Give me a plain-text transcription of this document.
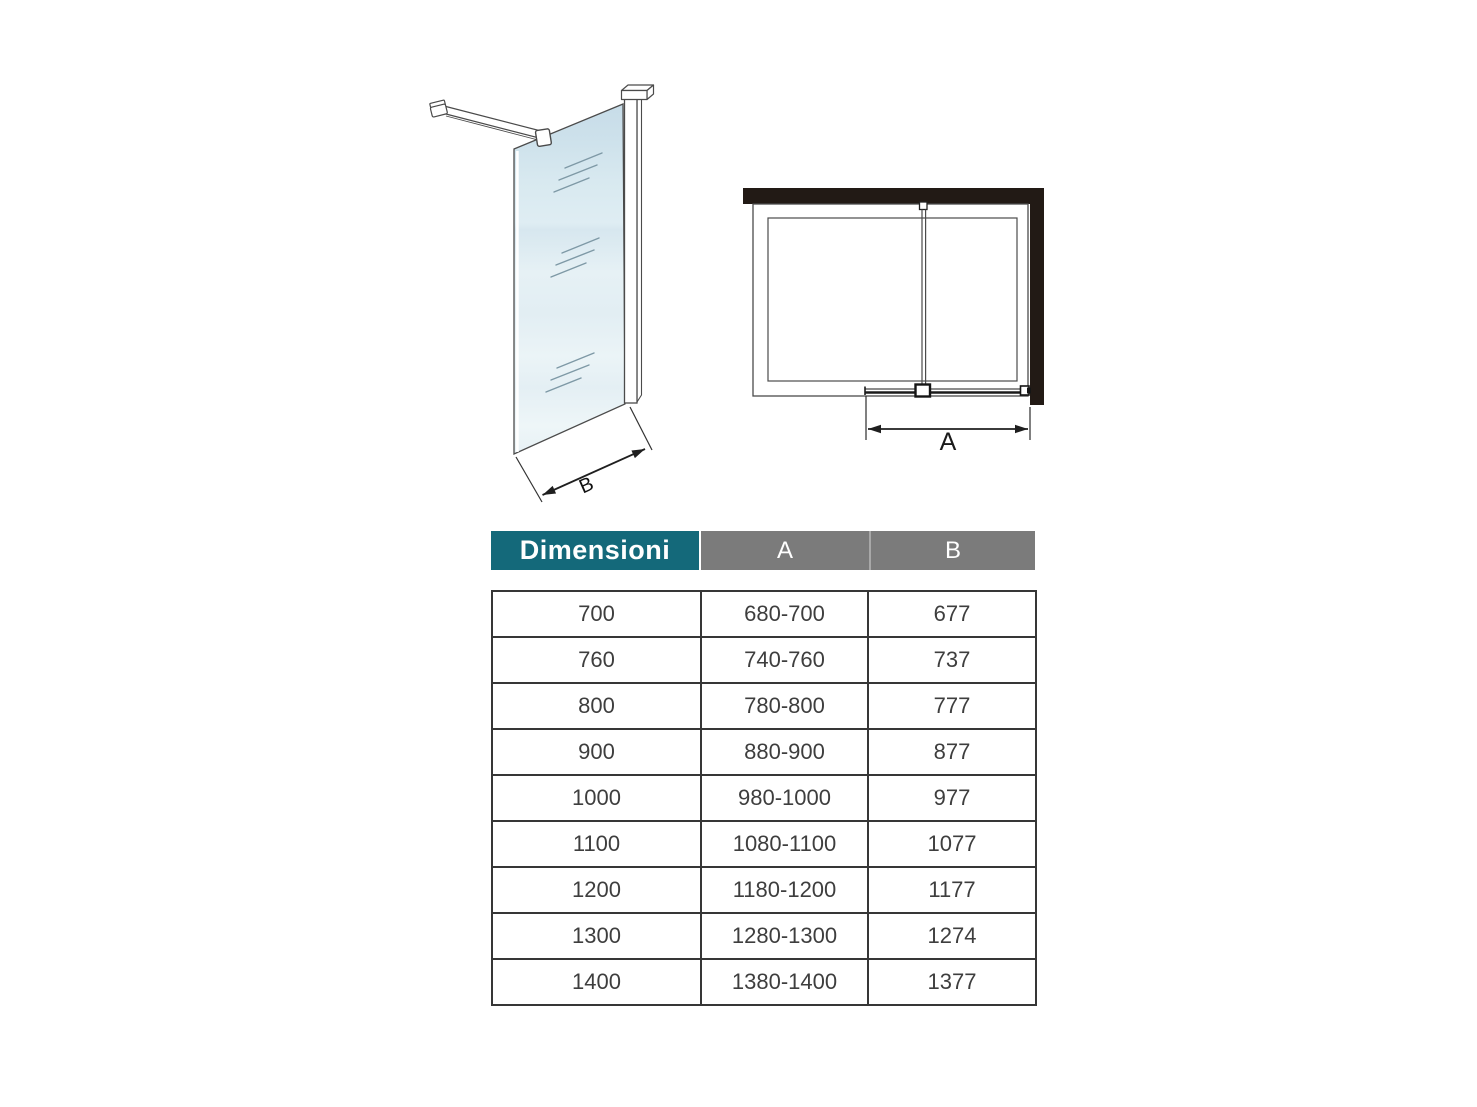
B
A
Dimensioni	A	B
700	680-700	677
760	740-760	737
800	780-800	777
900	880-900	877
1000	980-1000	977
1100	1080-1100	1077
1200	1180-1200	1177
1300	1280-1300	1274
1400	1380-1400	1377
